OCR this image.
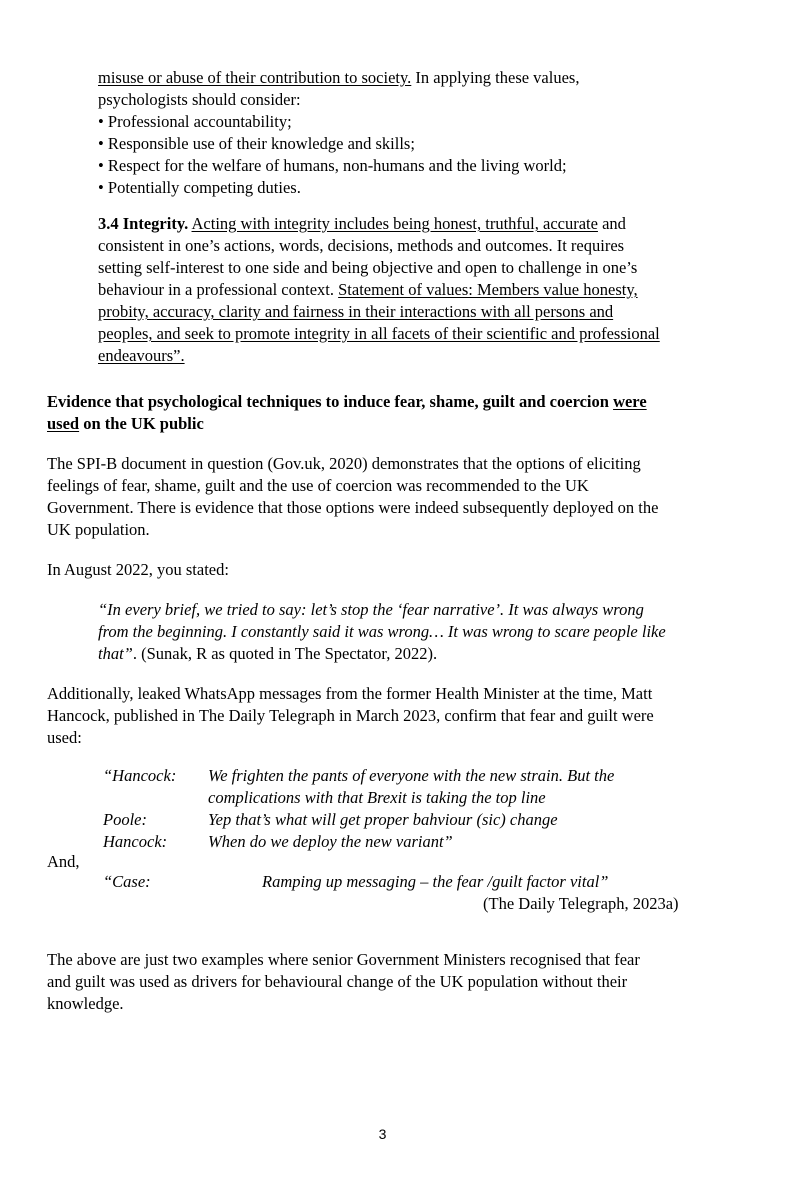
misuse or abuse of their contribution to society. In applying these values,
psychologists should consider:
• Professional accountability;
• Responsible use of their knowledge and skills;
• Respect for the welfare of humans, non-humans and the living world;
• Potentially competing duties.
3.4 Integrity. Acting with integrity includes being honest, truthful, accurate and
consistent in one’s actions, words, decisions, methods and outcomes. It requires
setting self-interest to one side and being objective and open to challenge in one’s
behaviour in a professional context. Statement of values: Members value honesty,
probity, accuracy, clarity and fairness in their interactions with all persons and
peoples, and seek to promote integrity in all facets of their scientific and professional
endeavours”.
Evidence that psychological techniques to induce fear, shame, guilt and coercion were
used on the UK public
The SPI-B document in question (Gov.uk, 2020) demonstrates that the options of eliciting
feelings of fear, shame, guilt and the use of coercion was recommended to the UK
Government. There is evidence that those options were indeed subsequently deployed on the
UK population.
In August 2022, you stated:
“In every brief, we tried to say: let’s stop the ‘fear narrative’. It was always wrong
from the beginning. I constantly said it was wrong… It was wrong to scare people like
that”. (Sunak, R as quoted in The Spectator, 2022).
Additionally, leaked WhatsApp messages from the former Health Minister at the time, Matt
Hancock, published in The Daily Telegraph in March 2023, confirm that fear and guilt were
used:
“Hancock: We frighten the pants of everyone with the new strain. But the
complications with that Brexit is taking the top line
Poole:	Yep that’s what will get proper bahviour (sic) change
Hancock: When do we deploy the new variant”
And,
“Case:	Ramping up messaging – the fear /guilt factor vital”
(The Daily Telegraph, 2023a)
The above are just two examples where senior Government Ministers recognised that fear
and guilt was used as drivers for behavioural change of the UK population without their
knowledge.
3
